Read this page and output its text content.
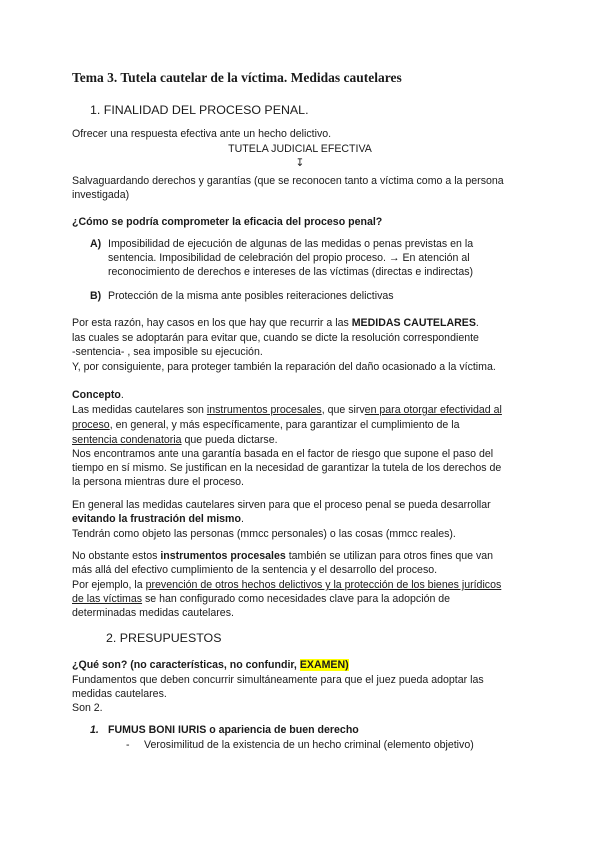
Tema 3. Tutela cautelar de la víctima. Medidas cautelares
1. FINALIDAD DEL PROCESO PENAL.
Ofrecer una respuesta efectiva ante un hecho delictivo.
TUTELA JUDICIAL EFECTIVA
↧
Salvaguardando derechos y garantías (que se reconocen tanto a víctima como a la persona
investigada)
¿Cómo se podría comprometer la eficacia del proceso penal?
A) Imposibilidad de ejecución de algunas de las medidas o penas previstas en la
sentencia. Imposibilidad de celebración del propio proceso. → En atención al
reconocimiento de derechos e intereses de las víctimas (directas e indirectas)
B) Protección de la misma ante posibles reiteraciones delictivas
Por esta razón, hay casos en los que hay que recurrir a las MEDIDAS CAUTELARES.
las cuales se adoptarán para evitar que, cuando se dicte la resolución correspondiente
-sentencia- , sea imposible su ejecución.
Y, por consiguiente, para proteger también la reparación del daño ocasionado a la víctima.
Concepto.
Las medidas cautelares son instrumentos procesales, que sirven para otorgar efectividad al
proceso, en general, y más específicamente, para garantizar el cumplimiento de la
sentencia condenatoria que pueda dictarse.
Nos encontramos ante una garantía basada en el factor de riesgo que supone el paso del
tiempo en sí mismo. Se justifican en la necesidad de garantizar la tutela de los derechos de
la persona mientras dure el proceso.
En general las medidas cautelares sirven para que el proceso penal se pueda desarrollar
evitando la frustración del mismo.
Tendrán como objeto las personas (mmcc personales) o las cosas (mmcc reales).
No obstante estos instrumentos procesales también se utilizan para otros fines que van
más allá del efectivo cumplimiento de la sentencia y el desarrollo del proceso.
Por ejemplo, la prevención de otros hechos delictivos y la protección de los bienes jurídicos
de las víctimas se han configurado como necesidades clave para la adopción de
determinadas medidas cautelares.
2. PRESUPUESTOS
¿Qué son? (no características, no confundir, EXAMEN)
Fundamentos que deben concurrir simultáneamente para que el juez pueda adoptar las
medidas cautelares.
Son 2.
1. FUMUS BONI IURIS o apariencia de buen derecho
- Verosimilitud de la existencia de un hecho criminal (elemento objetivo)
